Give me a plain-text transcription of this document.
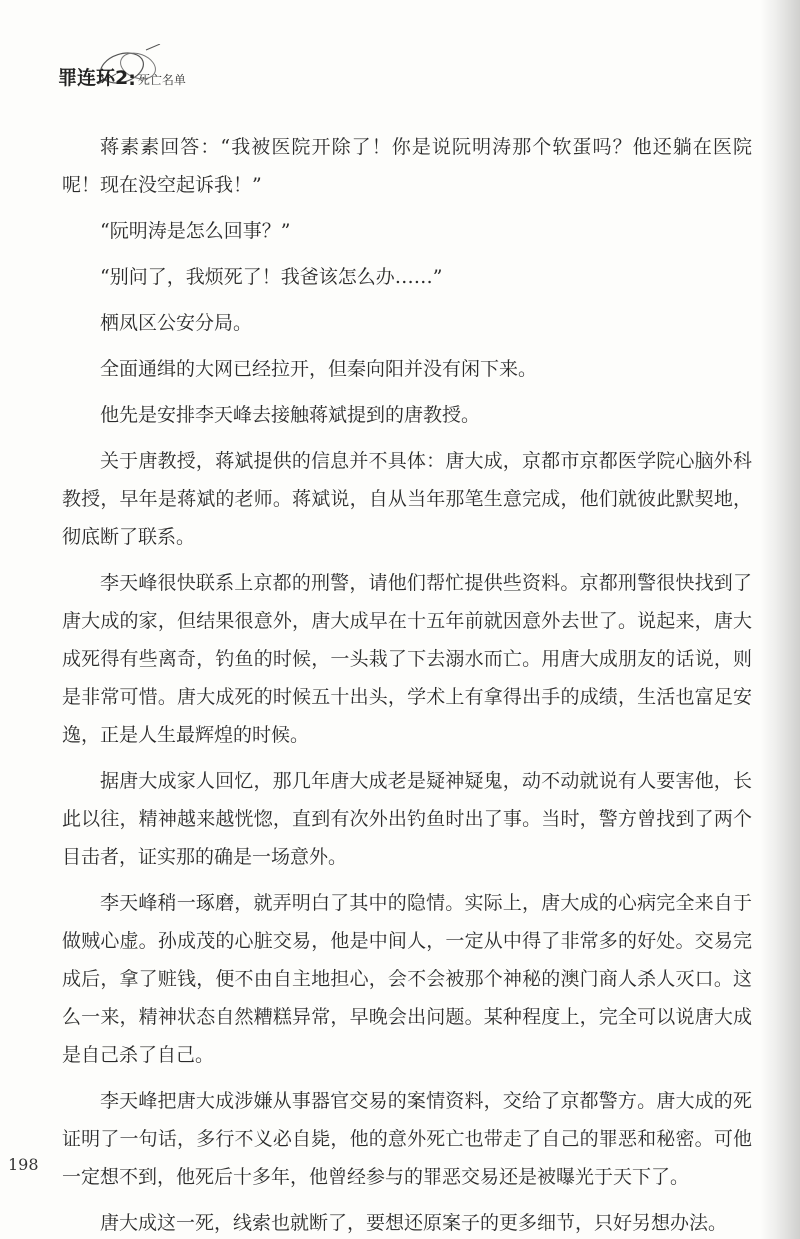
罪连环2 : 死亡名单

蒋素素回答：“我被医院开除了！你是说阮明涛那个软蛋吗？他还躺在医院呢！现在没空起诉我！”

“阮明涛是怎么回事？”

“别问了，我烦死了！我爸该怎么办……”

栖凤区公安分局。

全面通缉的大网已经拉开，但秦向阳并没有闲下来。

他先是安排李天峰去接触蒋斌提到的唐教授。

关于唐教授，蒋斌提供的信息并不具体：唐大成，京都市京都医学院心脑外科教授，早年是蒋斌的老师。蒋斌说，自从当年那笔生意完成，他们就彼此默契地，彻底断了联系。

李天峰很快联系上京都的刑警，请他们帮忙提供些资料。京都刑警很快找到了唐大成的家，但结果很意外，唐大成早在十五年前就因意外去世了。说起来，唐大成死得有些离奇，钓鱼的时候，一头栽了下去溺水而亡。用唐大成朋友的话说，则是非常可惜。唐大成死的时候五十出头，学术上有拿得出手的成绩，生活也富足安逸，正是人生最辉煌的时候。

据唐大成家人回忆，那几年唐大成老是疑神疑鬼，动不动就说有人要害他，长此以往，精神越来越恍惚，直到有次外出钓鱼时出了事。当时，警方曾找到了两个目击者，证实那的确是一场意外。

李天峰稍一琢磨，就弄明白了其中的隐情。实际上，唐大成的心病完全来自于做贼心虚。孙成茂的心脏交易，他是中间人，一定从中得了非常多的好处。交易完成后，拿了赃钱，便不由自主地担心，会不会被那个神秘的澳门商人杀人灭口。这么一来，精神状态自然糟糕异常，早晚会出问题。某种程度上，完全可以说唐大成是自己杀了自己。

李天峰把唐大成涉嫌从事器官交易的案情资料，交给了京都警方。唐大成的死证明了一句话，多行不义必自毙，他的意外死亡也带走了自己的罪恶和秘密。可他一定想不到，他死后十多年，他曾经参与的罪恶交易还是被曝光于天下了。

唐大成这一死，线索也就断了，要想还原案子的更多细节，只好另想办法。

198
